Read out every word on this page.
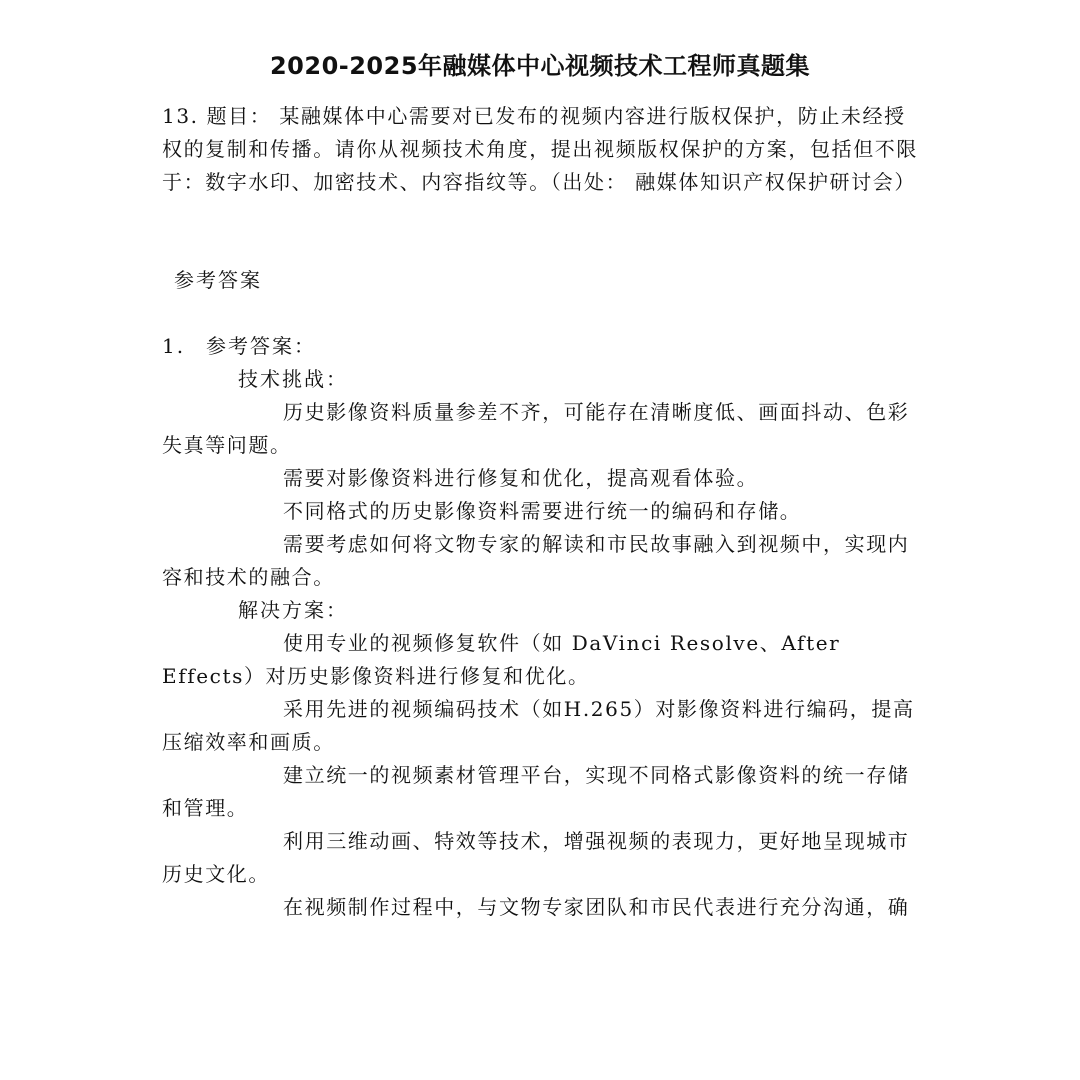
2020-2025年融媒体中心视频技术工程师真题集
13. 题目： 某融媒体中心需要对已发布的视频内容进行版权保护，防止未经授权的复制和传播。请你从视频技术角度，提出视频版权保护的方案，包括但不限于：数字水印、加密技术、内容指纹等。（出处： 融媒体知识产权保护研讨会）
参考答案
1. 参考答案：
技术挑战：
历史影像资料质量参差不齐，可能存在清晰度低、画面抖动、色彩失真等问题。
需要对影像资料进行修复和优化，提高观看体验。
不同格式的历史影像资料需要进行统一的编码和存储。
需要考虑如何将文物专家的解读和市民故事融入到视频中，实现内容和技术的融合。
解决方案：
使用专业的视频修复软件（如 DaVinci Resolve、After Effects）对历史影像资料进行修复和优化。
采用先进的视频编码技术（如H.265）对影像资料进行编码，提高压缩效率和画质。
建立统一的视频素材管理平台，实现不同格式影像资料的统一存储和管理。
利用三维动画、特效等技术，增强视频的表现力，更好地呈现城市历史文化。
在视频制作过程中，与文物专家团队和市民代表进行充分沟通，确
